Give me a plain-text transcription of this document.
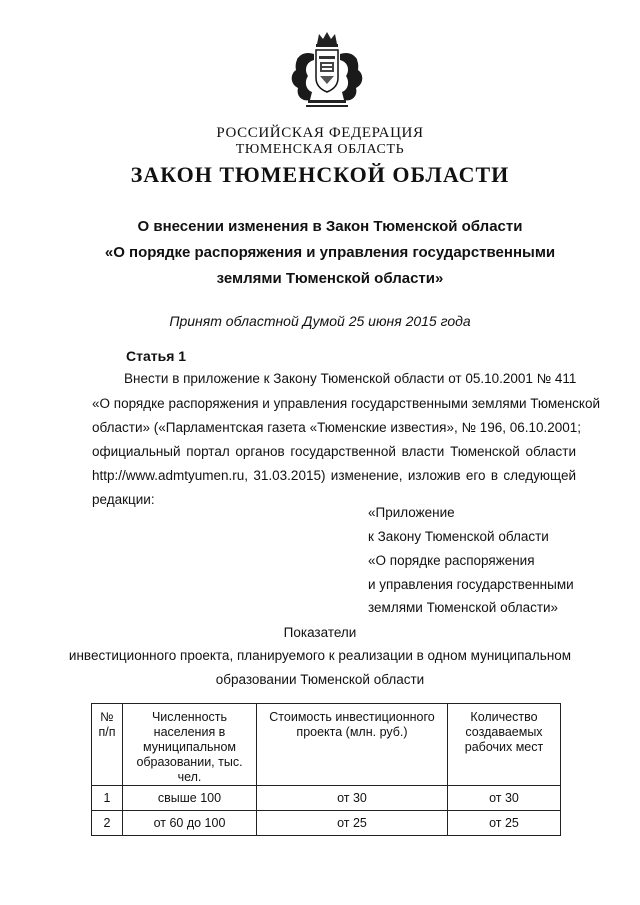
РОССИЙСКАЯ ФЕДЕРАЦИЯ
ТЮМЕНСКАЯ ОБЛАСТЬ
ЗАКОН ТЮМЕНСКОЙ ОБЛАСТИ
О внесении изменения в Закон Тюменской области
«О порядке распоряжения и управления государственными
землями Тюменской области»
Принят областной Думой 25 июня 2015 года
Статья 1
Внести в приложение к Закону Тюменской области от 05.10.2001 № 411
«О порядке распоряжения и управления государственными землями Тюменской
области» («Парламентская газета «Тюменские известия», № 196, 06.10.2001;
официальный портал органов государственной власти Тюменской области
http://www.admtyumen.ru, 31.03.2015) изменение, изложив его в следующей
редакции:
«Приложение
к Закону Тюменской области
«О порядке распоряжения
и управления государственными
землями Тюменской области»
Показатели
инвестиционного проекта, планируемого к реализации в одном муниципальном
образовании Тюменской области
№ п/п	Численность населения в муниципальном образовании, тыс. чел.	Стоимость инвестиционного проекта (млн. руб.)	Количество создаваемых рабочих мест
1	свыше 100	от 30	от 30
2	от 60 до 100	от 25	от 25
